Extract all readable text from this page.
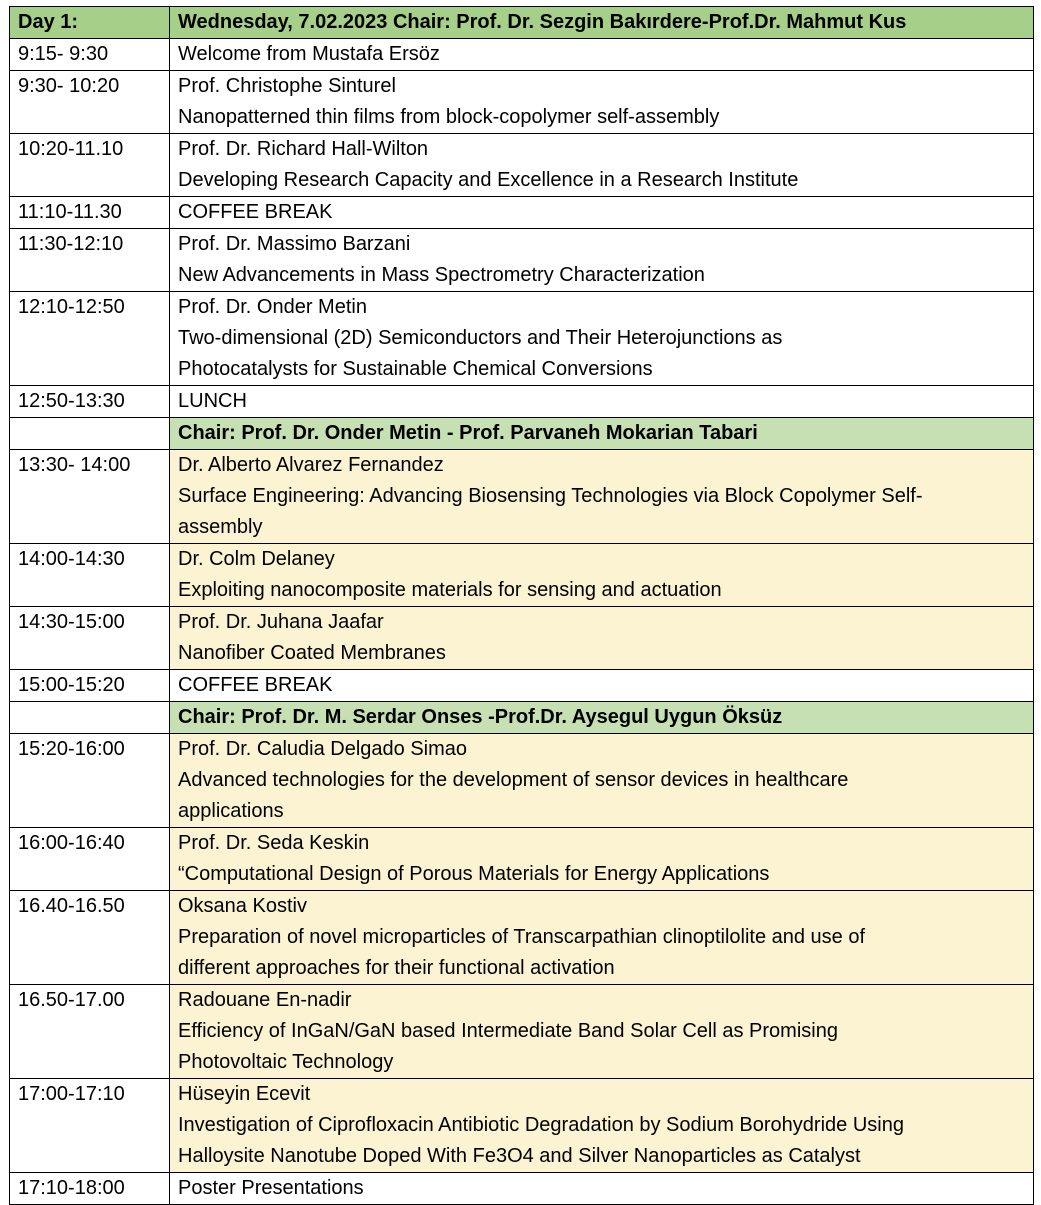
Day 1:	Wednesday, 7.02.2023 Chair: Prof. Dr. Sezgin Bakırdere-Prof.Dr. Mahmut Kus
9:15- 9:30	Welcome from Mustafa Ersöz

9:30- 10:20	Prof. Christophe Sinturel
Nanopatterned thin films from block-copolymer self-assembly

10:20-11.10	Prof. Dr. Richard Hall-Wilton
Developing Research Capacity and Excellence in a Research Institute

11:10-11.30	COFFEE BREAK

11:30-12:10	Prof. Dr. Massimo Barzani
New Advancements in Mass Spectrometry Characterization

12:10-12:50	Prof. Dr. Onder Metin
Two-dimensional (2D) Semiconductors and Their Heterojunctions as
Photocatalysts for Sustainable Chemical Conversions

12:50-13:30	LUNCH

	Chair: Prof. Dr. Onder Metin - Prof. Parvaneh Mokarian Tabari
13:30- 14:00	Dr. Alberto Alvarez Fernandez
Surface Engineering: Advancing Biosensing Technologies via Block Copolymer Self-
assembly

14:00-14:30	Dr. Colm Delaney
Exploiting nanocomposite materials for sensing and actuation

14:30-15:00	Prof. Dr. Juhana Jaafar
Nanofiber Coated Membranes

15:00-15:20	COFFEE BREAK

	Chair: Prof. Dr. M. Serdar Onses -Prof.Dr. Aysegul Uygun Öksüz
15:20-16:00	Prof. Dr. Caludia Delgado Simao
Advanced technologies for the development of sensor devices in healthcare
applications

16:00-16:40	Prof. Dr. Seda Keskin
“Computational Design of Porous Materials for Energy Applications

16.40-16.50	Oksana Kostiv
Preparation of novel microparticles of Transcarpathian clinoptilolite and use of
different approaches for their functional activation

16.50-17.00	Radouane En-nadir
Efficiency of InGaN/GaN based Intermediate Band Solar Cell as Promising
Photovoltaic Technology

17:00-17:10	Hüseyin Ecevit
Investigation of Ciprofloxacin Antibiotic Degradation by Sodium Borohydride Using
Halloysite Nanotube Doped With Fe3O4 and Silver Nanoparticles as Catalyst

17:10-18:00	Poster Presentations
